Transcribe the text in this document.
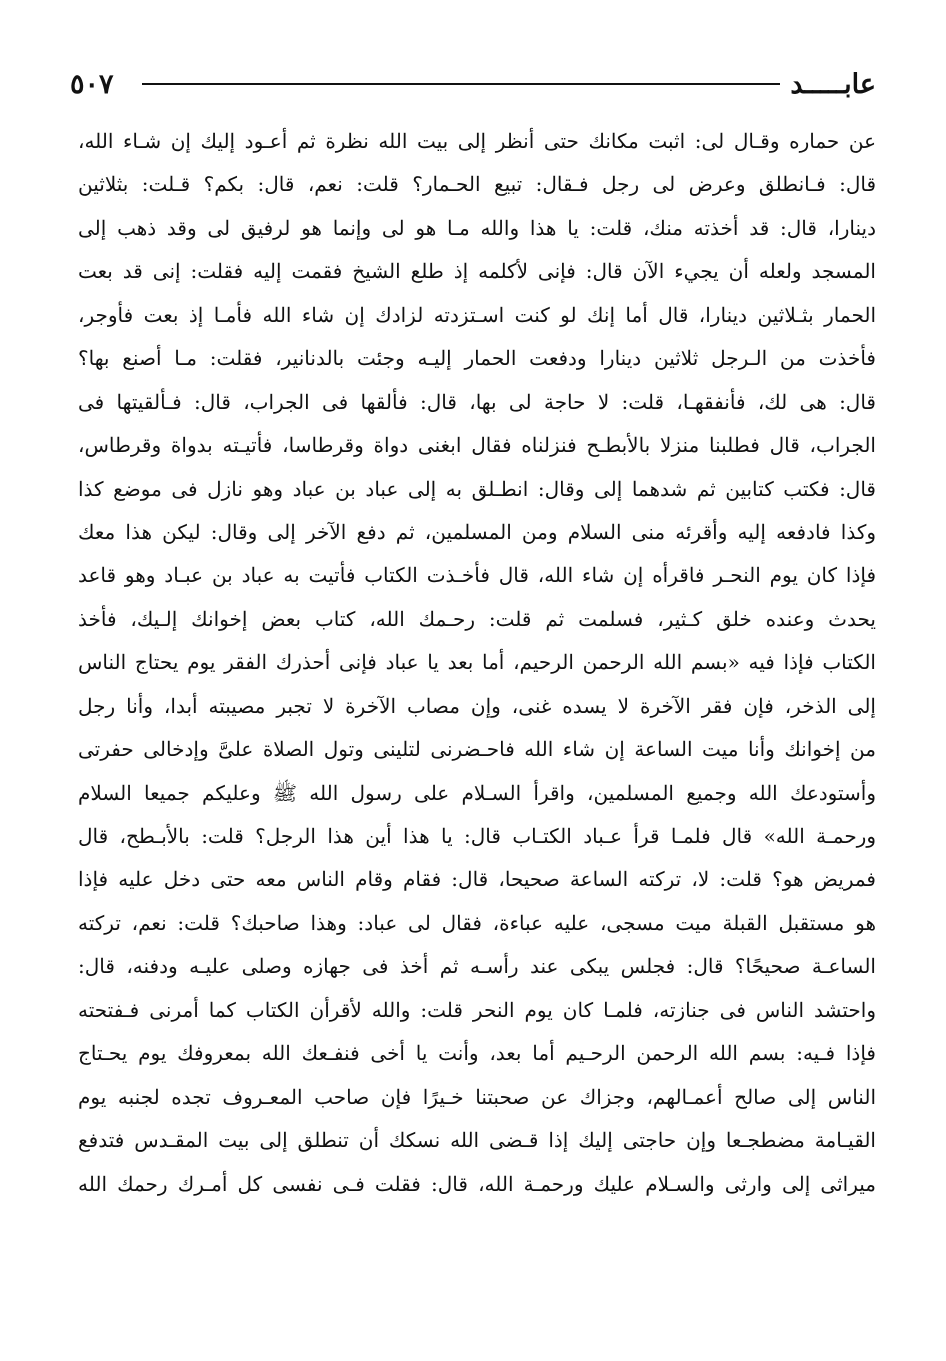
٥٠٧	عابـــــد
عن حماره وقـال لى: اثبت مكانك حتى أنظر إلى بيت الله نظرة ثم أعـود إليك إن شـاء الله،
قال: فـانطلق وعرض لى رجل فـقال: تبيع الحـمار؟ قلت: نعم، قال: بكم؟ قـلت: بثلاثين
دينارا، قال: قد أخذته منك، قلت: يا هذا والله مـا هو لى وإنما هو لرفيق لى وقد ذهب إلى
المسجد ولعله أن يجيء الآن قال: فإنى لأكلمه إذ طلع الشيخ فقمت إليه فقلت: إنى قد بعت
الحمار بثـلاثين دينارا، قال أما إنك لو كنت اسـتزدته لزادك إن شاء الله فأمـا إذ بعت فأوجر،
فأخذت من الـرجل ثلاثين دينارا ودفعت الحمار إليـه وجئت بالدنانير، فقلت: مـا أصنع بها؟
قال: هى لك، فأنفقهـا، قلت: لا حاجة لى بها، قال: فألقها فى الجراب، قال: فـألقيتها فى
الجراب، قال فطلبنا منزلا بالأبطـح فنزلناه فقال ابغنى دواة وقرطاسا، فأتيـته بدواة وقرطاس،
قال: فكتب كتابين ثم شدهما إلى وقال: انطـلق به إلى عباد بن عباد وهو نازل فى موضع كذا
وكذا فادفعه إليه وأقرئه منى السلام ومن المسلمين، ثم دفع الآخر إلى وقال: ليكن هذا معك
فإذا كان يوم النحـر فاقرأه إن شاء الله، قال فأخـذت الكتاب فأتيت به عباد بن عبـاد وهو قاعد
يحدث وعنده خلق كـثير، فسلمت ثم قلت: رحـمك الله، كتاب بعض إخوانك إلـيك، فأخذ
الكتاب فإذا فيه «بسم الله الرحمن الرحيم، أما بعد يا عباد فإنى أحذرك الفقر يوم يحتاج الناس
إلى الذخر، فإن فقر الآخرة لا يسده غنى، وإن مصاب الآخرة لا تجبر مصيبته أبدا، وأنا رجل
من إخوانك وأنا ميت الساعة إن شاء الله فاحـضرنى لتلينى وتول الصلاة علىَّ وإدخالى حفرتى
وأستودعك الله وجميع المسلمين، واقرأ السـلام على رسول الله ﷺ وعليكم جميعا السلام
ورحمـة الله» قال فلمـا قرأ عـباد الكتـاب قال: يا هذا أين هذا الرجل؟ قلت: بالأبـطح، قال
فمريض هو؟ قلت: لا، تركته الساعة صحيحا، قال: فقام وقام الناس معه حتى دخل عليه فإذا
هو مستقبل القبلة ميت مسجى، عليه عباءة، فقال لى عباد: وهذا صاحبك؟ قلت: نعم، تركته
الساعـة صحيحًا؟ قال: فجلس يبكى عند رأسـه ثم أخذ فى جهازه وصلى عليـه ودفنه، قال:
واحتشد الناس فى جنازته، فلمـا كان يوم النحر قلت: والله لأقرأن الكتاب كما أمرنى فـفتحته
فإذا فـيه: بسم الله الرحمن الرحـيم أما بعد، وأنت يا أخى فنفـعك الله بمعروفك يوم يحـتاج
الناس إلى صالح أعمـالهم، وجزاك عن صحبتنا خـيرًا فإن صاحب المعـروف تجده لجنبه يوم
القيـامة مضطجـعا وإن حاجتى إليك إذا قـضى الله نسكك أن تنطلق إلى بيت المقـدس فتدفع
ميراثى إلى وارثى والسـلام عليك ورحمـة الله، قال: فقلت فـى نفسى كل أمـرك رحمك الله
